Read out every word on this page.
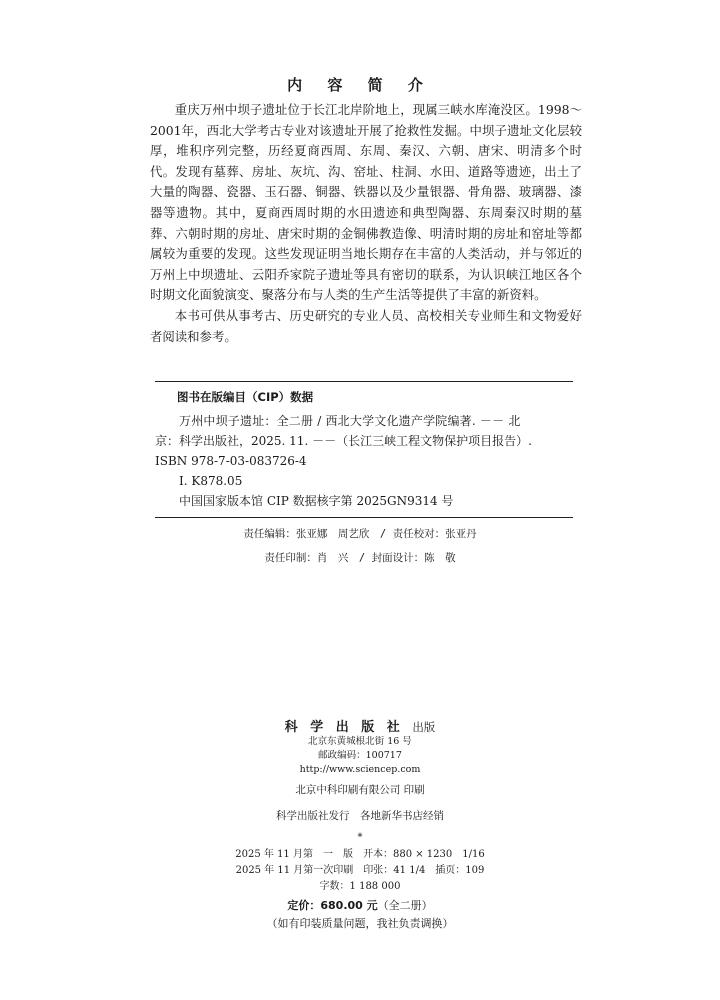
内 容 简 介

重庆万州中坝子遗址位于长江北岸阶地上，现属三峡水库淹没区。1998～2001年，西北大学考古专业对该遗址开展了抢救性发掘。中坝子遗址文化层较厚，堆积序列完整，历经夏商西周、东周、秦汉、六朝、唐宋、明清多个时代。发现有墓葬、房址、灰坑、沟、窑址、柱洞、水田、道路等遗迹，出土了大量的陶器、瓷器、玉石器、铜器、铁器以及少量银器、骨角器、玻璃器、漆器等遗物。其中，夏商西周时期的水田遗迹和典型陶器、东周秦汉时期的墓葬、六朝时期的房址、唐宋时期的金铜佛教造像、明清时期的房址和窑址等都属较为重要的发现。这些发现证明当地长期存在丰富的人类活动，并与邻近的万州上中坝遗址、云阳乔家院子遗址等具有密切的联系，为认识峡江地区各个时期文化面貌演变、聚落分布与人类的生产生活等提供了丰富的新资料。

本书可供从事考古、历史研究的专业人员、高校相关专业师生和文物爱好者阅读和参考。

图书在版编目（CIP）数据
万州中坝子遗址：全二册 / 西北大学文化遗产学院编著. －－ 北
京：科学出版社，2025. 11. －－（长江三峡工程文物保护项目报告）.
ISBN 978-7-03-083726-4
Ⅰ. K878.05
中国国家版本馆 CIP 数据核字第 2025GN9314 号
责任编辑：张亚娜　周艺欣　/ 责任校对：张亚丹
责任印制：肖　兴　/ 封面设计：陈　敬
科 学 出 版 社 出版
北京东黄城根北街 16 号
邮政编码：100717
http://www.sciencep.com
北京中科印刷有限公司 印刷
科学出版社发行　各地新华书店经销
*
2025 年 11 月第　一　版　开本：880 × 1230　1/16
2025 年 11 月第一次印刷　印张：41 1/4　插页：109
字数：1 188 000
定价：680.00 元（全二册）
（如有印装质量问题，我社负责调换）
